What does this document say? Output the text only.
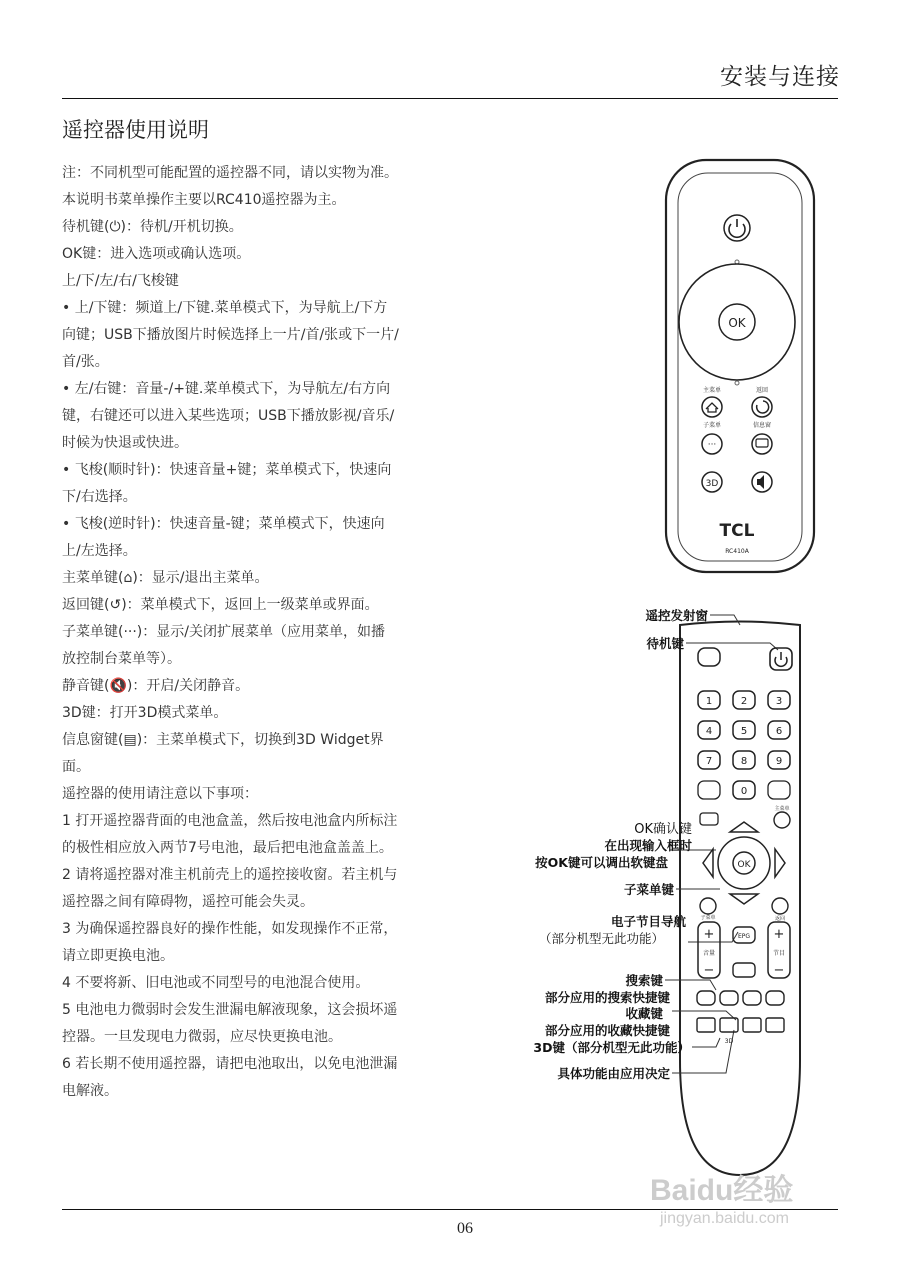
安装与连接
遥控器使用说明

注：不同机型可能配置的遥控器不同，请以实物为准。

本说明书菜单操作主要以RC410遥控器为主。

待机键(⏻)：待机/开机切换。

OK键：进入选项或确认选项。

上/下/左/右/飞梭键

• 上/下键：频道上/下键.菜单模式下，为导航上/下方

向键；USB下播放图片时候选择上一片/首/张或下一片/

首/张。

• 左/右键：音量-/+键.菜单模式下，为导航左/右方向

键，右键还可以进入某些选项；USB下播放影视/音乐/

时候为快退或快进。

• 飞梭(顺时针)：快速音量+键；菜单模式下，快速向

下/右选择。

• 飞梭(逆时针)：快速音量-键；菜单模式下，快速向

上/左选择。

主菜单键(⌂)：显示/退出主菜单。

返回键(↺)：菜单模式下，返回上一级菜单或界面。

子菜单键(···)：显示/关闭扩展菜单（应用菜单，如播

放控制台菜单等）。

静音键(🔇)：开启/关闭静音。

3D键：打开3D模式菜单。

信息窗键(▤)：主菜单模式下，切换到3D Widget界

面。

遥控器的使用请注意以下事项：

1 打开遥控器背面的电池盒盖，然后按电池盒内所标注

的极性相应放入两节7号电池，最后把电池盒盖盖上。

2 请将遥控器对准主机前壳上的遥控接收窗。若主机与

遥控器之间有障碍物，遥控可能会失灵。

3 为确保遥控器良好的操作性能，如发现操作不正常，

请立即更换电池。

4 不要将新、旧电池或不同型号的电池混合使用。

5 电池电力微弱时会发生泄漏电解液现象，这会损坏遥

控器。一旦发现电力微弱，应尽快更换电池。

6 若长期不使用遥控器，请把电池取出，以免电池泄漏

电解液。

OK
主菜单	返回
子菜单	信息窗
···
3D
TCL
RC410A
遥控发射窗
待机键
OK确认键
在出现输入框时
按OK键可以调出软键盘
子菜单键
电子节目导航
（部分机型无此功能）
搜索键
部分应用的搜索快捷键
收藏键
部分应用的收藏快捷键
3D键（部分机型无此功能）
具体功能由应用决定
1	2	3
4	5	6
7	8	9
0
OK
主菜单
子菜单	返回
+
音量
−
+
节目
−
EPG
3D
Baidu经验
jingyan.baidu.com
06
